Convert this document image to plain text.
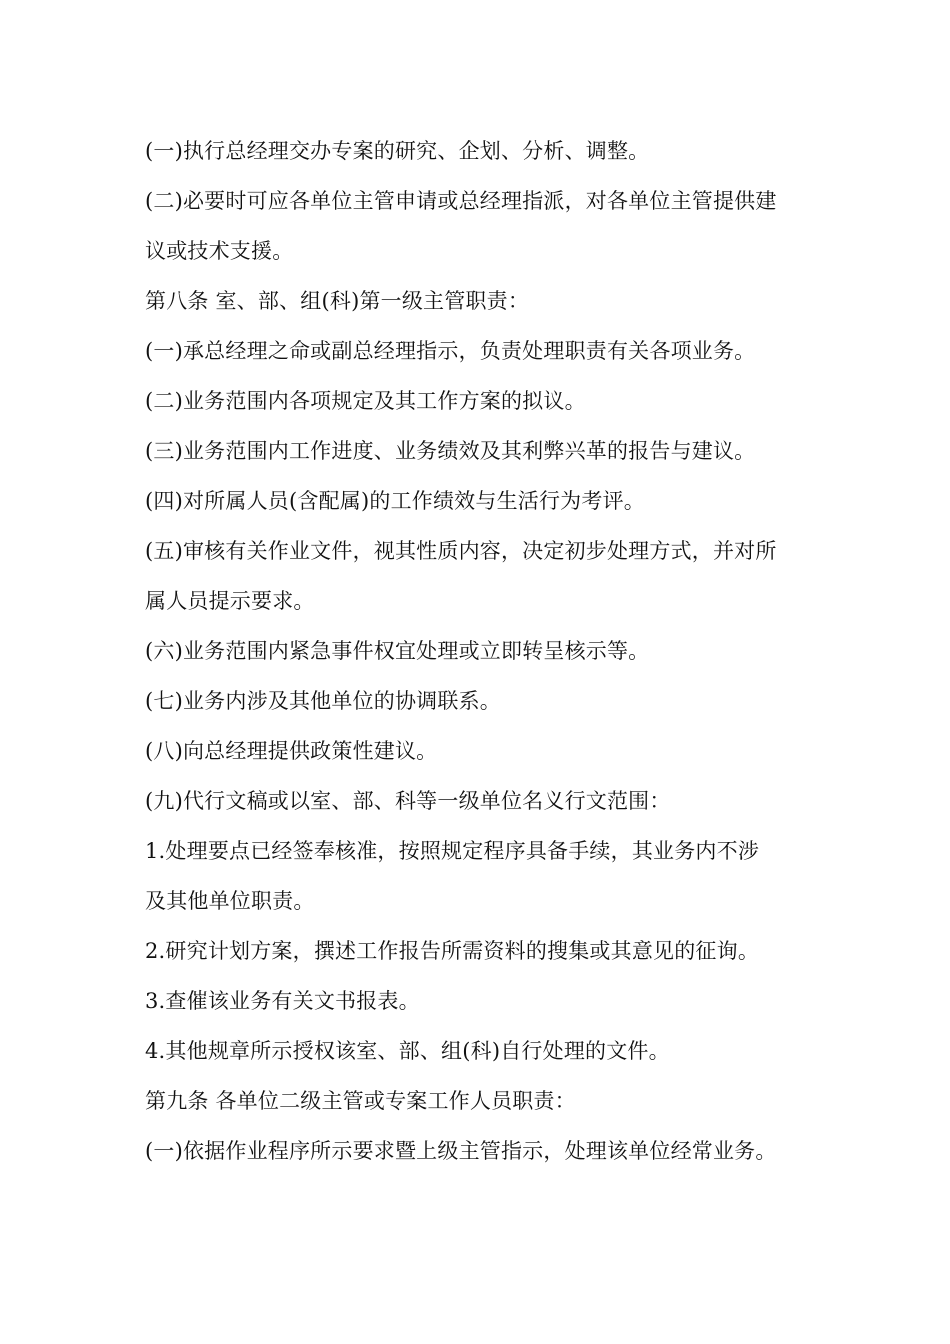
(一)执行总经理交办专案的研究、企划、分析、调整。
(二)必要时可应各单位主管申请或总经理指派，对各单位主管提供建
议或技术支援。
第八条 室、部、组(科)第一级主管职责：
(一)承总经理之命或副总经理指示，负责处理职责有关各项业务。
(二)业务范围内各项规定及其工作方案的拟议。
(三)业务范围内工作进度、业务绩效及其利弊兴革的报告与建议。
(四)对所属人员(含配属)的工作绩效与生活行为考评。
(五)审核有关作业文件，视其性质内容，决定初步处理方式，并对所
属人员提示要求。
(六)业务范围内紧急事件权宜处理或立即转呈核示等。
(七)业务内涉及其他单位的协调联系。
(八)向总经理提供政策性建议。
(九)代行文稿或以室、部、科等一级单位名义行文范围：
1.处理要点已经签奉核准，按照规定程序具备手续，其业务内不涉
及其他单位职责。
2.研究计划方案，撰述工作报告所需资料的搜集或其意见的征询。
3.查催该业务有关文书报表。
4.其他规章所示授权该室、部、组(科)自行处理的文件。
第九条 各单位二级主管或专案工作人员职责：
(一)依据作业程序所示要求暨上级主管指示，处理该单位经常业务。
